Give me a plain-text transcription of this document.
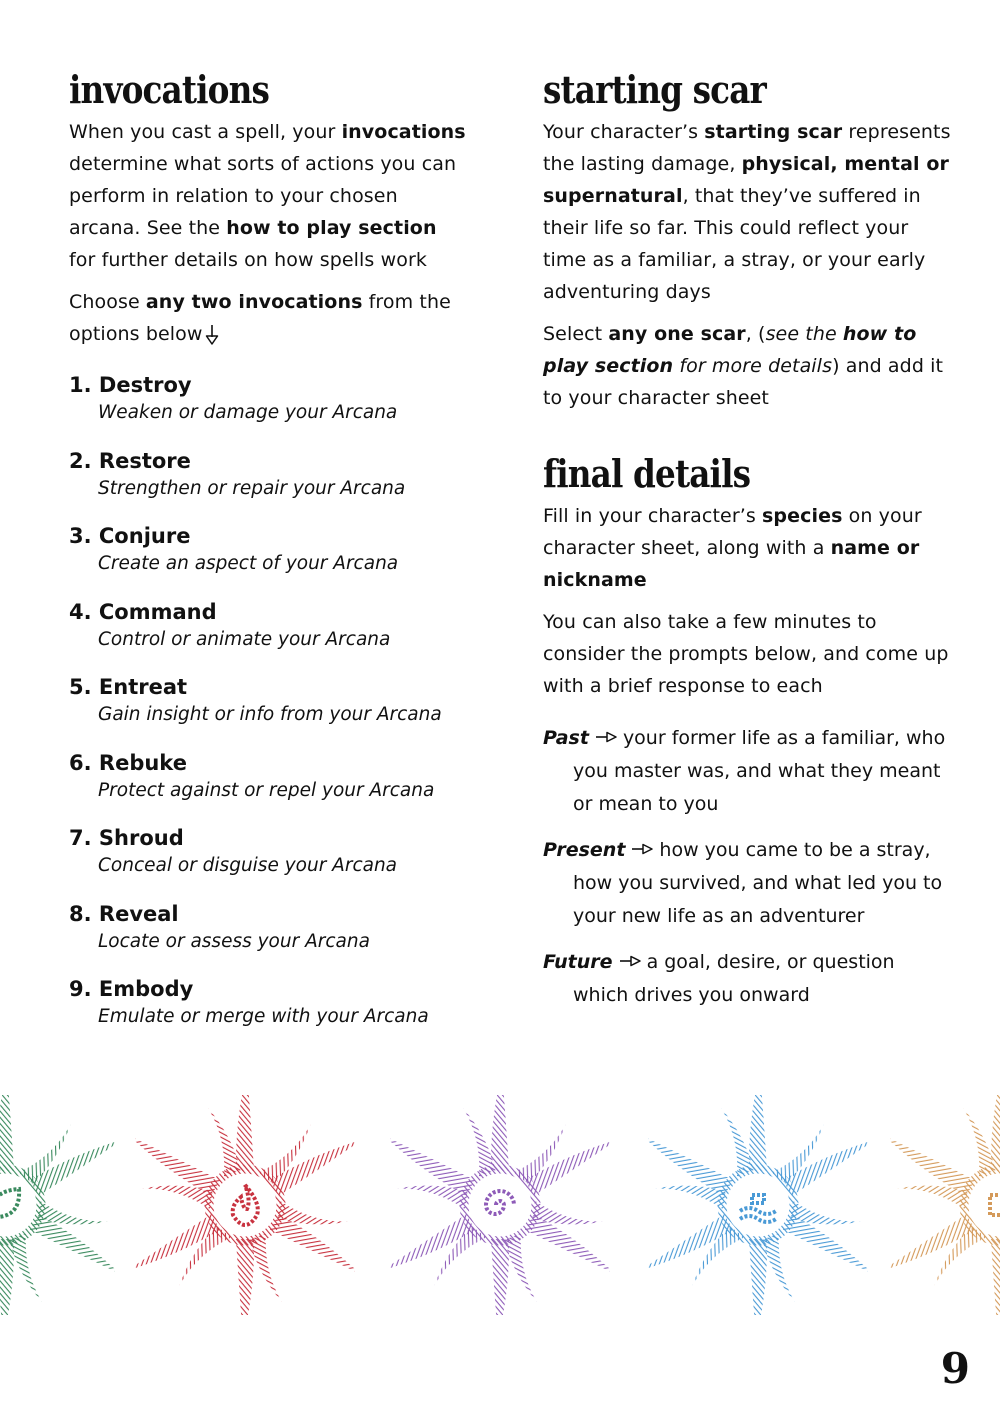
invocations

When you cast a spell, your invocations determine what sorts of actions you can perform in relation to your chosen arcana. See the how to play section for further details on how spells work

Choose any two invocations from the options below

1. Destroy
Weaken or damage your Arcana
2. Restore
Strengthen or repair your Arcana
3. Conjure
Create an aspect of your Arcana
4. Command
Control or animate your Arcana
5. Entreat
Gain insight or info from your Arcana
6. Rebuke
Protect against or repel your Arcana
7. Shroud
Conceal or disguise your Arcana
8. Reveal
Locate or assess your Arcana
9. Embody
Emulate or merge with your Arcana
starting scar

Your character’s starting scar represents the lasting damage, physical, mental or supernatural, that they’ve suffered in their life so far. This could reflect your time as a familiar, a stray, or your early adventuring days

Select any one scar, (see the how to play section for more details) and add it to your character sheet

final details

Fill in your character’s species on your character sheet, along with a name or nickname

You can also take a few minutes to consider the prompts below, and come up with a brief response to each

Past your former life as a familiar, who you master was, and what they meant or mean to you
Present how you came to be a stray, how you survived, and what led you to your new life as an adventurer
Future a goal, desire, or question which drives you onward
9
